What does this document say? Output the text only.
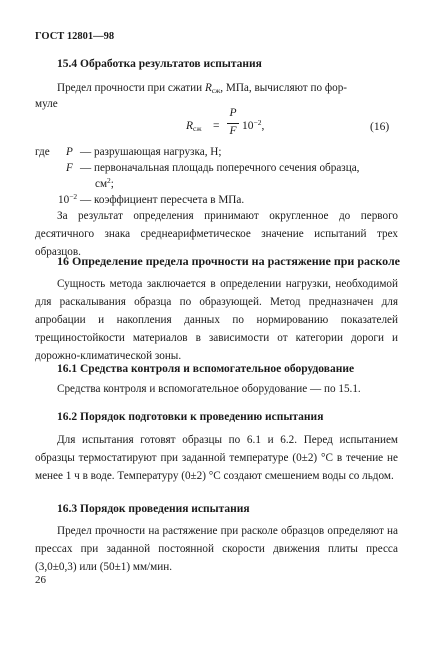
ГОСТ 12801—98
15.4 Обработка результатов испытания
Предел прочности при сжатии $R_{сж}$, МПа, вычисляют по фор-
муле
$R_{сж}$ =
P
F $10^{-2}$,	(16)
где P — разрушающая нагрузка, Н;
F — первоначальная площадь поперечного сечения образца,
$см^2$;
$10^{-2}$ — коэффициент пересчета в МПа.
За результат определения принимают округленное до первого десятичного знака среднеарифметическое значение испытаний трех образцов.
16 Определение предела прочности на растяжение при расколе
Сущность метода заключается в определении нагрузки, необходимой для раскалывания образца по образующей. Метод предназначен для апробации и накопления данных по нормированию показателей трещиностойкости материалов в зависимости от категории дороги и дорожно-климатической зоны.
16.1 Средства контроля и вспомогательное оборудование
Средства контроля и вспомогательное оборудование — по 15.1.
16.2 Порядок подготовки к проведению испытания
Для испытания готовят образцы по 6.1 и 6.2. Перед испытанием образцы термостатируют при заданной температуре (0±2) °С в течение не менее 1 ч в воде. Температуру (0±2) °С создают смешением воды со льдом.
16.3 Порядок проведения испытания
Предел прочности на растяжение при расколе образцов определяют на прессах при заданной постоянной скорости движения плиты пресса (3,0±0,3) или (50±1) мм/мин.
26
